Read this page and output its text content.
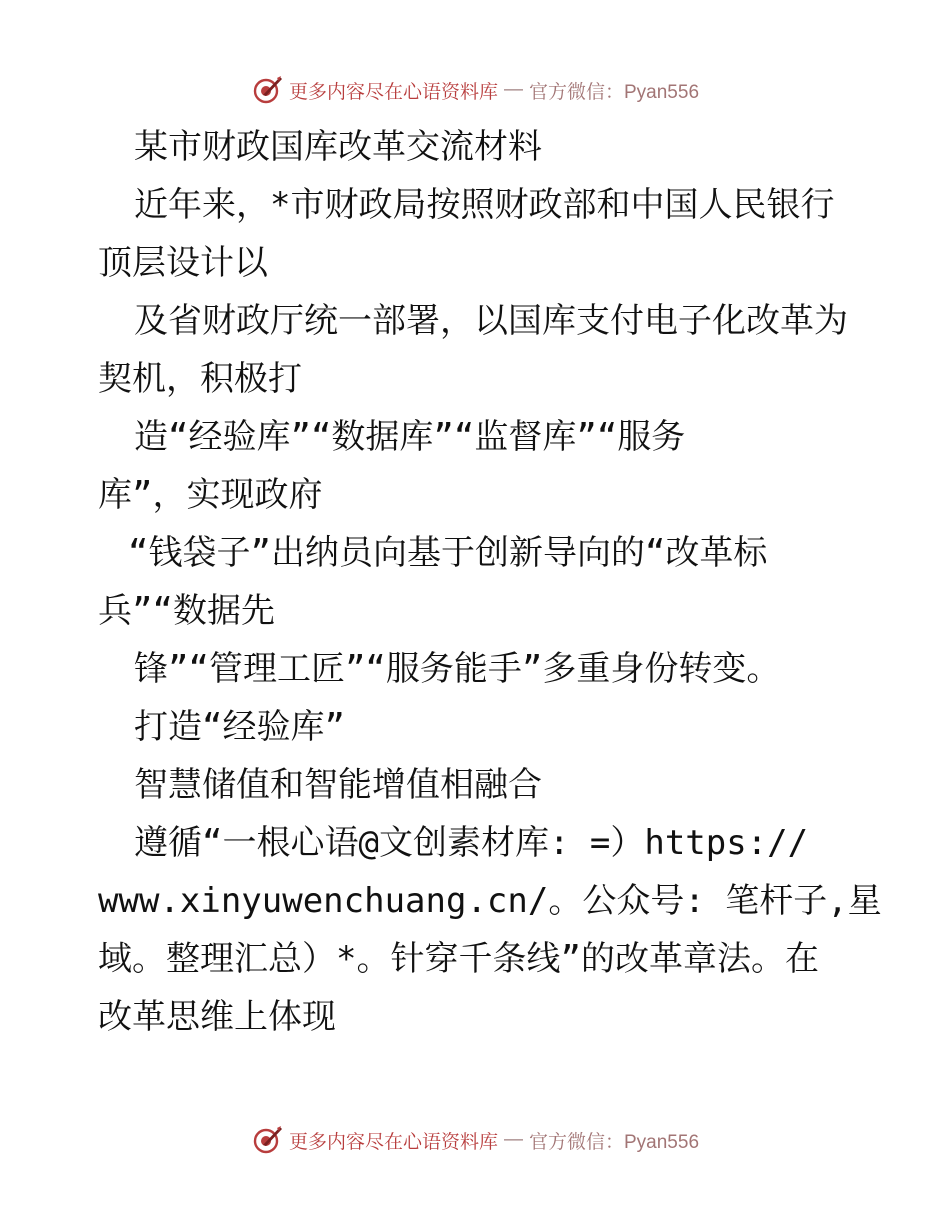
更多内容尽在心语资料库 — 官方微信：Pyan556
某市财政国库改革交流材料
近年来，*市财政局按照财政部和中国人民银行
顶层设计以
及省财政厅统一部署，以国库支付电子化改革为
契机，积极打
造“经验库”“数据库”“监督库”“服务
库”，实现政府
“钱袋子”出纳员向基于创新导向的“改革标
兵”“数据先
锋”“管理工匠”“服务能手”多重身份转变。
打造“经验库”
智慧储值和智能增值相融合
遵循“一根心语@文创素材库: =）https://
www.xinyuwenchuang.cn/。公众号: 笔杆子,星
域。整理汇总）*。针穿千条线”的改革章法。在
改革思维上体现
更多内容尽在心语资料库 — 官方微信：Pyan556
